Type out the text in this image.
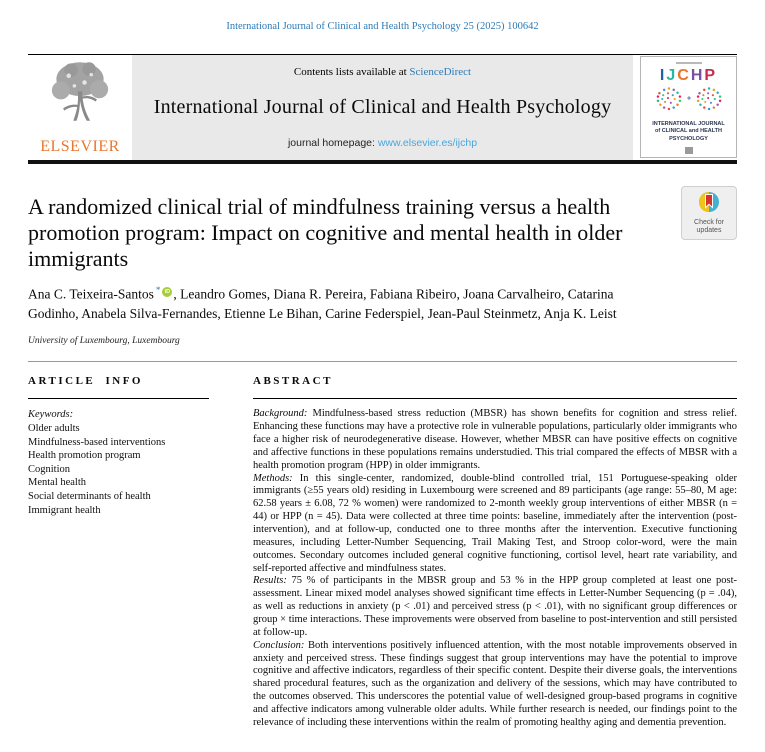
International Journal of Clinical and Health Psychology 25 (2025) 100642
ELSEVIER
Contents lists available at ScienceDirect
International Journal of Clinical and Health Psychology
journal homepage: www.elsevier.es/ijchp
IJCHP
INTERNATIONAL JOURNAL of CLINICAL and HEALTH PSYCHOLOGY
A randomized clinical trial of mindfulness training versus a health promotion program: Impact on cognitive and mental health in older immigrants
Check for updates
Ana C. Teixeira-Santos * iD , Leandro Gomes, Diana R. Pereira, Fabiana Ribeiro, Joana Carvalheiro, Catarina Godinho, Anabela Silva-Fernandes, Etienne Le Bihan, Carine Federspiel, Jean-Paul Steinmetz, Anja K. Leist
University of Luxembourg, Luxembourg
ARTICLE INFO
Keywords:
Older adults
Mindfulness-based interventions
Health promotion program
Cognition
Mental health
Social determinants of health
Immigrant health
ABSTRACT

Background: Mindfulness-based stress reduction (MBSR) has shown benefits for cognition and stress relief. Enhancing these functions may have a protective role in vulnerable populations, particularly older immigrants who face a higher risk of neurodegenerative disease. However, whether MBSR can have positive effects on cognitive and affective functions in these populations remains understudied. This trial compared the effects of MBSR with a health promotion program (HPP) in older immigrants.

Methods: In this single-center, randomized, double-blind controlled trial, 151 Portuguese-speaking older immigrants (≥55 years old) residing in Luxembourg were screened and 89 participants (age range: 55–80, M age: 62.58 years ± 6.08, 72 % women) were randomized to 2-month weekly group interventions of either MBSR (n = 44) or HPP (n = 45). Data were collected at three time points: baseline, immediately after the intervention (post-intervention), and at follow-up, conducted one to three months after the intervention. Executive functioning measures, including Letter-Number Sequencing, Trail Making Test, and Stroop color-word, were the main outcomes. Secondary outcomes included general cognitive functioning, cortisol level, heart rate variability, and self-reported affective and mindfulness states.

Results: 75 % of participants in the MBSR group and 53 % in the HPP group completed at least one post-assessment. Linear mixed model analyses showed significant time effects in Letter-Number Sequencing (p = .04), as well as reductions in anxiety (p < .01) and perceived stress (p < .01), with no significant group differences or group × time interactions. These improvements were observed from baseline to post-intervention and still persisted at follow-up.

Conclusion: Both interventions positively influenced attention, with the most notable improvements observed in anxiety and perceived stress. These findings suggest that group interventions may have the potential to improve cognitive and affective indicators, regardless of their specific content. Despite their diverse goals, the interventions shared procedural features, such as the organization and delivery of the sessions, which may have contributed to the outcomes observed. This underscores the potential value of well-designed group-based programs in cognitive and affective indicators among vulnerable older adults. While further research is needed, our findings point to the relevance of including these interventions within the realm of promoting healthy aging and dementia prevention.
